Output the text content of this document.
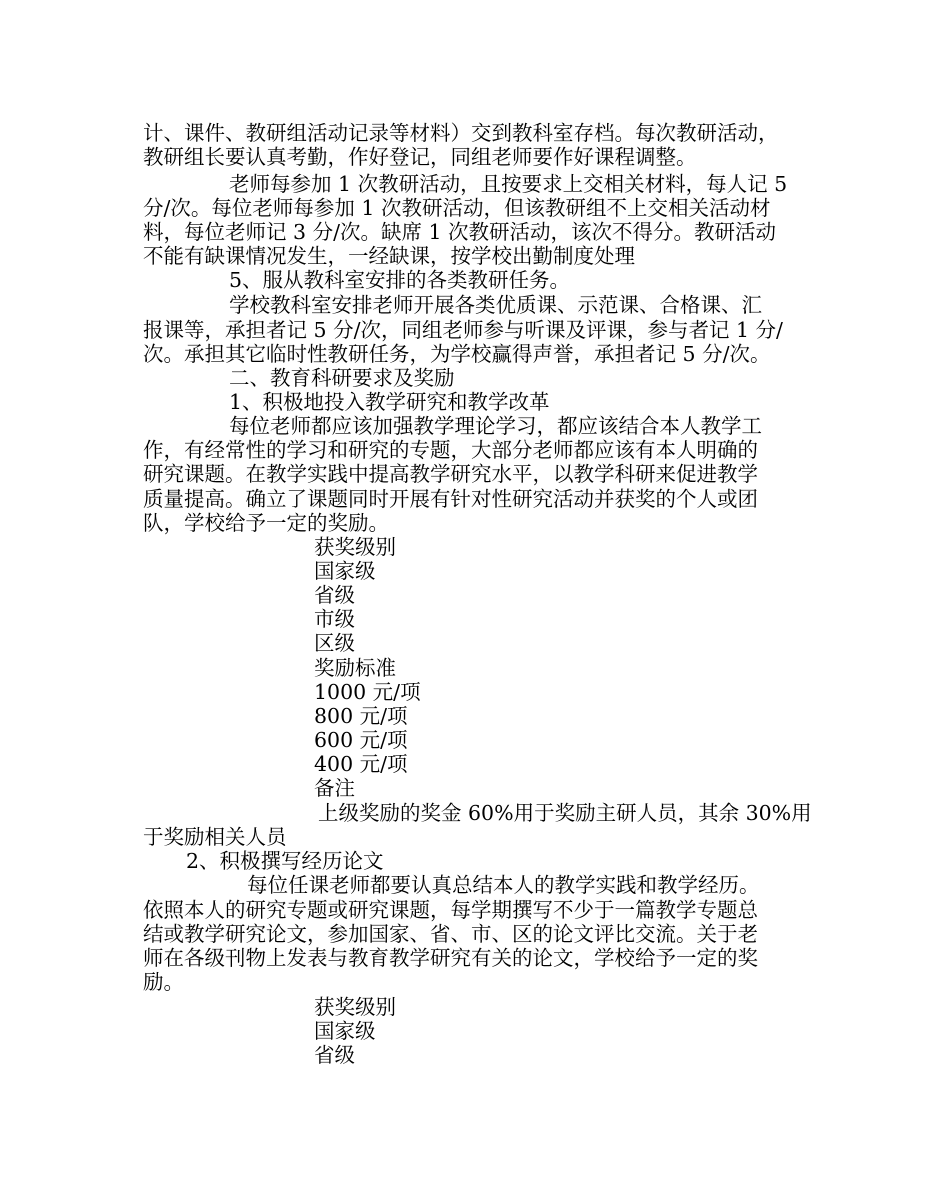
计、课件、教研组活动记录等材料）交到教科室存档。每次教研活动，
教研组长要认真考勤，作好登记，同组老师要作好课程调整。
老师每参加 1 次教研活动，且按要求上交相关材料，每人记 5
分/次。每位老师每参加 1 次教研活动，但该教研组不上交相关活动材
料，每位老师记 3 分/次。缺席 1 次教研活动，该次不得分。教研活动
不能有缺课情况发生，一经缺课，按学校出勤制度处理
5、服从教科室安排的各类教研任务。
学校教科室安排老师开展各类优质课、示范课、合格课、汇
报课等，承担者记 5 分/次，同组老师参与听课及评课，参与者记 1 分/
次。承担其它临时性教研任务，为学校赢得声誉，承担者记 5 分/次。
二、教育科研要求及奖励
1、积极地投入教学研究和教学改革
每位老师都应该加强教学理论学习，都应该结合本人教学工
作，有经常性的学习和研究的专题，大部分老师都应该有本人明确的
研究课题。在教学实践中提高教学研究水平，以教学科研来促进教学
质量提高。确立了课题同时开展有针对性研究活动并获奖的个人或团
队，学校给予一定的奖励。
获奖级别
国家级
省级
市级
区级
奖励标准
1000 元/项
800 元/项
600 元/项
400 元/项
备注
上级奖励的奖金 60%用于奖励主研人员，其余 30%用
于奖励相关人员
2、积极撰写经历论文
每位任课老师都要认真总结本人的教学实践和教学经历。
依照本人的研究专题或研究课题，每学期撰写不少于一篇教学专题总
结或教学研究论文，参加国家、省、市、区的论文评比交流。关于老
师在各级刊物上发表与教育教学研究有关的论文，学校给予一定的奖
励。
获奖级别
国家级
省级
